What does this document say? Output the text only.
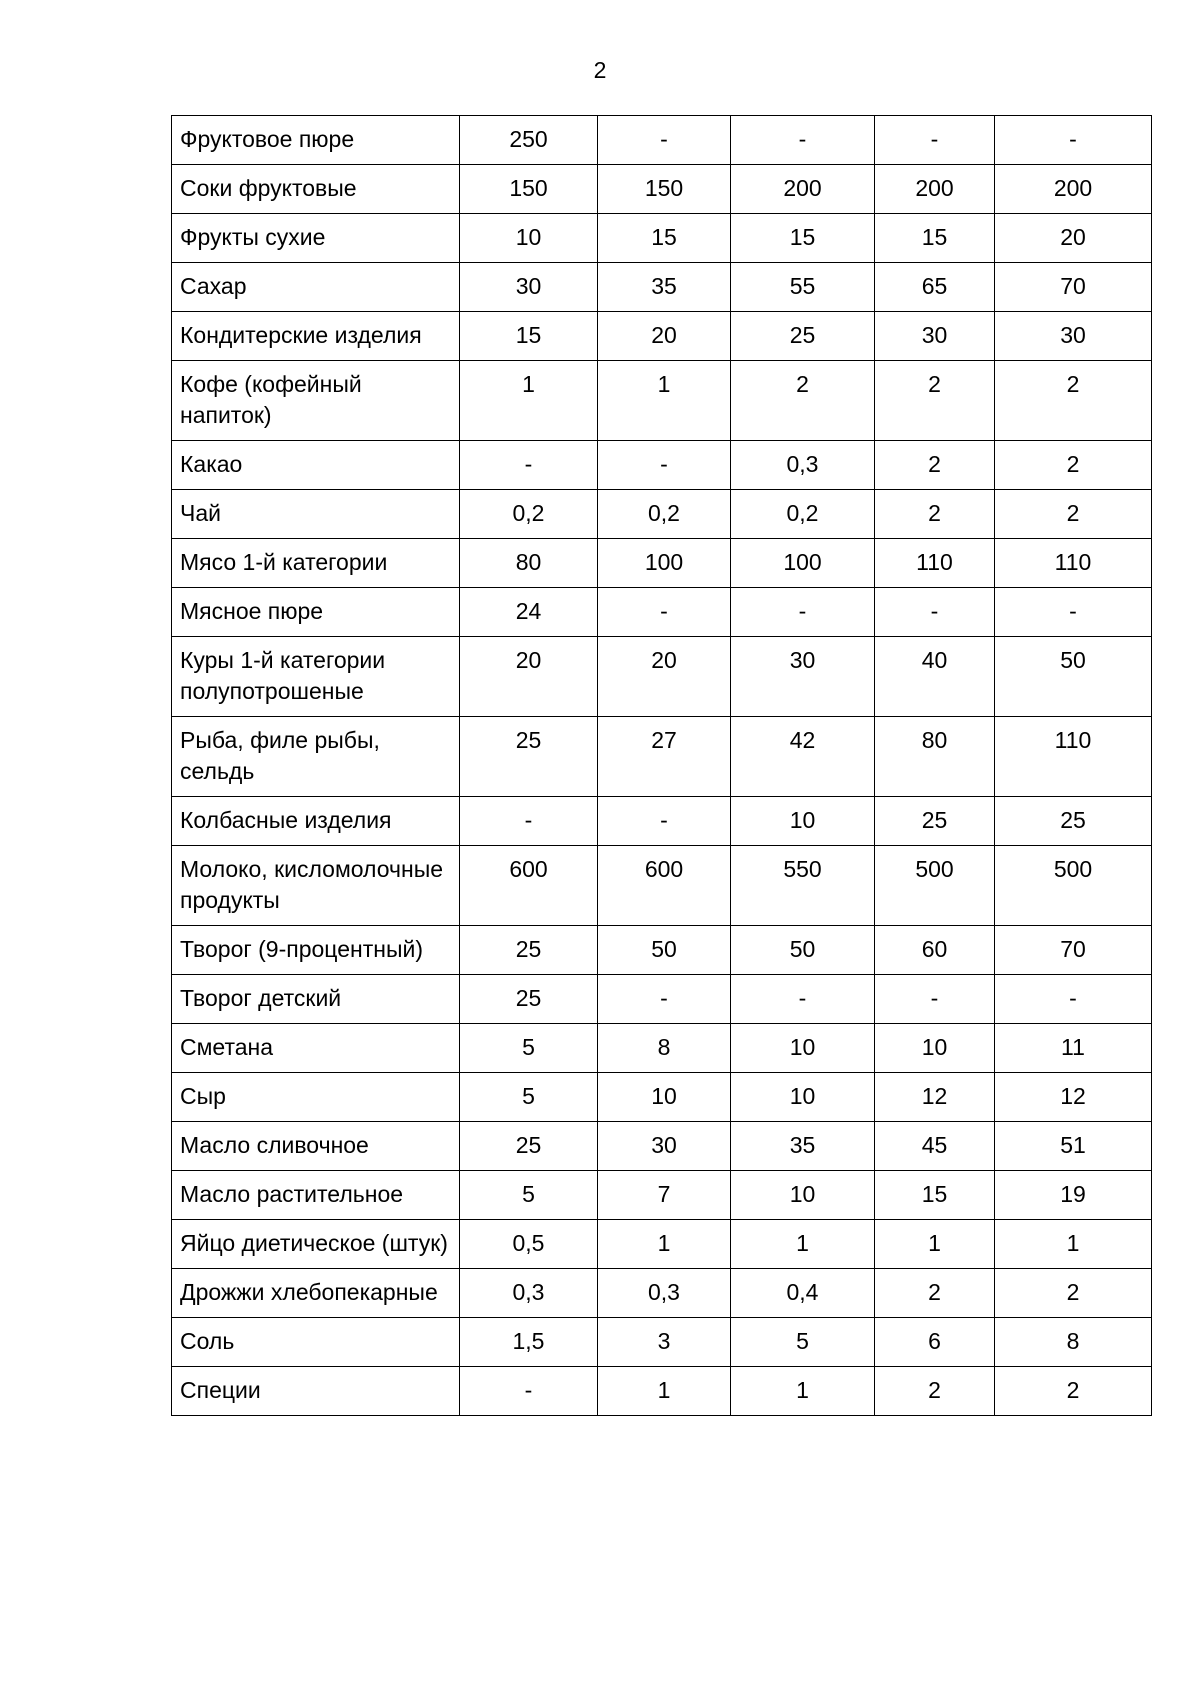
2
Фруктовое пюре	250	-	-	-	-
Соки фруктовые	150	150	200	200	200
Фрукты сухие	10	15	15	15	20
Сахар	30	35	55	65	70
Кондитерские изделия	15	20	25	30	30
Кофе (кофейный напиток)	1	1	2	2	2
Какао	-	-	0,3	2	2
Чай	0,2	0,2	0,2	2	2
Мясо 1-й категории	80	100	100	110	110
Мясное пюре	24	-	-	-	-
Куры 1-й категории полупотрошеные	20	20	30	40	50
Рыба, филе рыбы, сельдь	25	27	42	80	110
Колбасные изделия	-	-	10	25	25
Молоко, кисломолочные продукты	600	600	550	500	500
Творог (9-процентный)	25	50	50	60	70
Творог детский	25	-	-	-	-
Сметана	5	8	10	10	11
Сыр	5	10	10	12	12
Масло сливочное	25	30	35	45	51
Масло растительное	5	7	10	15	19
Яйцо диетическое (штук)	0,5	1	1	1	1
Дрожжи хлебопекарные	0,3	0,3	0,4	2	2
Соль	1,5	3	5	6	8
Специи	-	1	1	2	2
